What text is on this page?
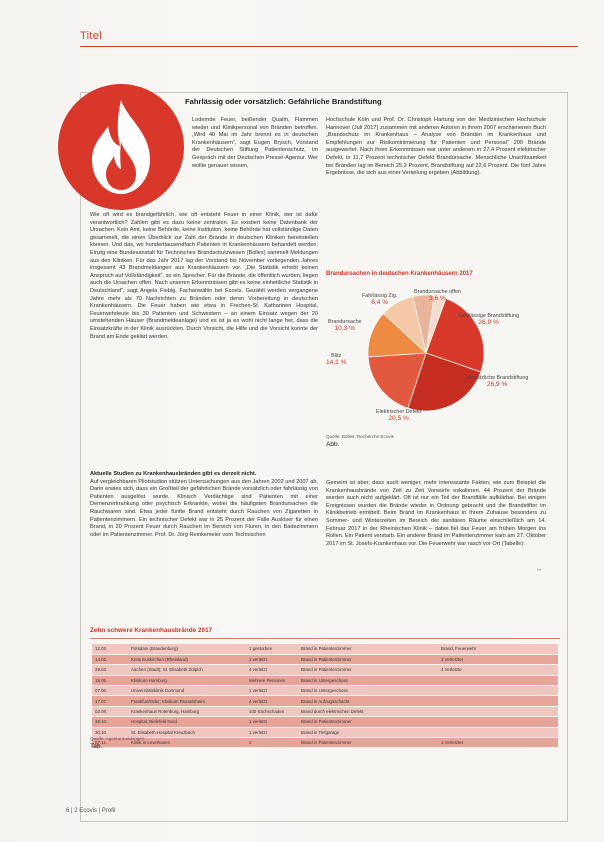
Titel
Fahrlässig oder vorsätzlich: Gefährliche Brandstiftung

Lodernde Feuer, beißender Qualm, Flammen wieder und Klinikpersonal von Bränden betroffen. „Wird 40 Mal im Jahr brennt es in deutschen Krankenhäusern“, sagt Eugen Brysch, Vorstand der Deutschen Stiftung Patientenschutz, im Gespräch mit der Deutschen Presse-Agentur. Wer wollte genauer wissen,

Wie oft wird es brandgefährlich, wie oft entsteht Feuer in einer Klinik, wer ist dafür verantwortlich? Zahlen gibt es dazu keine zentralen. Es existiert keine Datenbank der Ursachen. Kein Amt, keine Behörde, keine Institution, keine Behörde hat vollständige Daten gesammelt, die einen Überblick zur Zahl der Brände in deutschen Kliniken bereitstellen können. Und das, wo hunderttausendfach Patienten in Krankenhäusern behandelt werden. Einzig eine Bundesanstalt für Technisches Brandschutzwesen (Bolles) sammelt Meldungen aus den Kliniken. Für das Jahr 2017 lag der Vorstand bis November vorliegenden Jahres insgesamt 43 Brandmeldungen aus Krankenhäusern vor. „Die Statistik erhebt keinen Anspruch auf Vollständigkeit“, so ein Sprecher. Für die Brände, die öffentlich wurden, liegen auch die Ursachen offen. Nach unseren Erkenntnissen gibt es keine einheitliche Statistik in Deutschland“, sagt Angela Fiebig, Fachanwältin bei Ecovis. Gezählt werden vergangene Jahre mehr als 70 Nachrichten zu Bränden oder deren Vorbereitung in deutschen Krankenhäusern. Die Feuer haben wie etwa in Frechen-St. Katharinen Hospital, Feuerwehrleute bis 30 Patienten und Schwestern – an einem Einsatz wegen der 20 umstehenden Häuser (Brandmeldeanlage) und es ist ja es wohl nicht lange her, dass die Einsatzkräfte in der Klinik ausrückten. Durch Vorsicht, die Hilfe und die Vorsicht konnte der Brand am Ende geklärt werden.

Aktuelle Studien zu Krankenhausbränden gibt es derzeit nicht.

Auf vergleichbaren Pilotstudien stützen Untersuchungen aus den Jahren 2002 und 2007 ab. Darin erwies sich, dass ein Großteil der gefährlichen Brände vorsätzlich oder fahrlässig von Patienten ausgelöst wurde. Klinisch Verdächtige sind Patienten mit einer Demenzerkrankung oder psychisch Erkrankte, wobei die häufigsten Brandursachen die Rauchwaren sind. Etwa jeder fünfte Brand entsteht durch Rauchen von Zigaretten in Patientenzimmern. Ein technischer Defekt war in 25 Prozent der Fälle Auslöser für einen Brand, in 20 Prozent Feuer durch Rauchen im Bereich von Fluren, in den Badezimmern oder im Patientenzimmer. Prof. Dr. Jörg Reinkemeier vom Technischen

Hochschule Köln und Prof. Dr. Christoph Hartung von der Medizinischen Hochschule Hannover (Juli 2017) zusammen mit anderen Autoren in ihrem 2007 erschienenen Buch „Brandschutz im Krankenhaus – Analyse von Bränden im Krankenhaus und Empfehlungen zur Risikominimierung für Patienten und Personal“ 200 Brände ausgewertet. Nach ihren Erkenntnissen war unter anderem in 27,4 Prozent elektrischer Defekt, in 11,7 Prozent technischer Defekt Brandursache. Menschliche Unachtsamkeit bei Bränden lag im Bereich 25,2 Prozent, Brandstiftung auf 22,6 Prozent. Die fünf Jahre Ergebnisse, die sich aus einer Verteilung ergeben (Abbildung).

Brandursachen in deutschen Krankenhäusern 2017
Brandursache offen
3,6 %
Fahrlässige Brandstiftung
26,9 %
Vorsätzliche Brandstiftung
26,9 %
Elektrischer Defekt
20,5 %
Blitz
14,1 %
Brandursache
10,3 %
Fahrlässig Zig.
6,4 %
Quelle: Bolles; Recherche Ecovis
Abb.

Gemeint ist aber, dass auch weniger, mehr interessante Fakten, wie zum Beispiel die Krankenhausbrände von Zeit zu Zeit Vorwürfe eskalieren. 44 Prozent der Brände wurden auch nicht aufgeklärt. Oft ist nur ein Teil der Brandfälle aufklärbar. Bei einigen Ereignissen wurden die Brände wieder in Ordnung gebracht und die Brandstifter im Klinikbetrieb ermittelt. Beim Brand im Krankenhaus in Ihrem Zuhause besonders zu Sommer- und Winterzeiten im Bereich der sanitären Räume einschließlich am 14. Februar 2017 in der Rheinischen Klinik – dabei fiel das Feuer am frühen Morgen ins Rollen. Ein Patient verstarb. Ein anderer Brand im Patientenzimmer kam am 27. Oktober 2017 im St. Josefs-Krankenhaus vor. Die Feuerwehr war rasch vor Ort (Tabelle).

›››
Zehn schwere Krankenhausbrände 2017
12.02.	Potsdam (Brandenburg)	1 gestorben	Brand in Patientenzimmer	Brand, Feuerwehr
14.02.	Kreis Euskirchen (Rheinland)	1 verletzt	Brand in Patientenzimmer	1 Verletzter
29.03.	Aachen (Stadt); St. Elisabeth Zülpich	4 verletzt	Brand in Patientenzimmer	4 Verletzte
15.05.	Klinikum Hamburg	Mehrere Personen	Brand in Untergeschoss	
07.06.	Universitätsklinik Dortmund	1 verletzt	Brand in Untergeschoss	
17.07.	Frankfurt/Oder; Klinikum Rüsselsheim	4 verletzt	Brand in Aufzugsschacht	
02.08.	Krankenhaus Rotenburg, Hamburg	100 Sachschaden	Brand durch elektrischen Defekt	
19.10.	Hospital; Bielefeld Nord	1 verletzt	Brand in Patientenzimmer	
30.10.	St. Elisabeth Hospital Kreuzbach	1 verletzt	Brand in Tiefgarage	
07.11.	Klinik in Leverkusen	2	Brand in Patientenzimmer	1 Verletzter
Quelle: Agenturmeldungen
Tab.
6 | 2 Ecovis | Profil
